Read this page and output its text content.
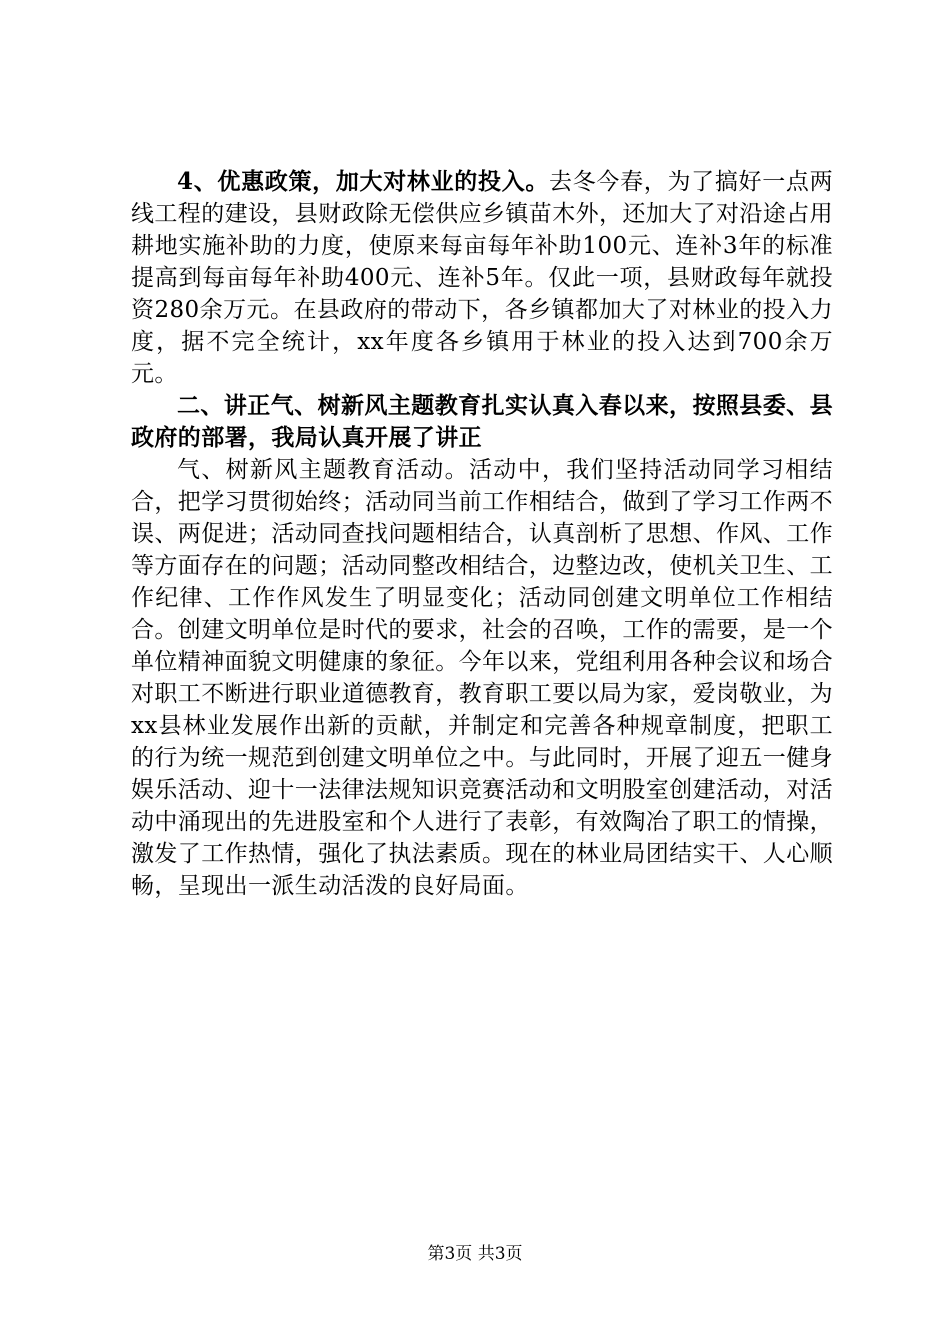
4、优惠政策，加大对林业的投入。去冬今春，为了搞好一点两线工程的建设，县财政除无偿供应乡镇苗木外，还加大了对沿途占用耕地实施补助的力度，使原来每亩每年补助100元、连补3年的标准提高到每亩每年补助400元、连补5年。仅此一项，县财政每年就投资280余万元。在县政府的带动下，各乡镇都加大了对林业的投入力度，据不完全统计，xx年度各乡镇用于林业的投入达到700余万元。

二、讲正气、树新风主题教育扎实认真入春以来，按照县委、县政府的部署，我局认真开展了讲正

气、树新风主题教育活动。活动中，我们坚持活动同学习相结合，把学习贯彻始终；活动同当前工作相结合，做到了学习工作两不误、两促进；活动同查找问题相结合，认真剖析了思想、作风、工作等方面存在的问题；活动同整改相结合，边整边改，使机关卫生、工作纪律、工作作风发生了明显变化；活动同创建文明单位工作相结合。创建文明单位是时代的要求，社会的召唤，工作的需要，是一个单位精神面貌文明健康的象征。今年以来，党组利用各种会议和场合对职工不断进行职业道德教育，教育职工要以局为家，爱岗敬业，为xx县林业发展作出新的贡献，并制定和完善各种规章制度，把职工的行为统一规范到创建文明单位之中。与此同时，开展了迎五一健身娱乐活动、迎十一法律法规知识竞赛活动和文明股室创建活动，对活动中涌现出的先进股室和个人进行了表彰，有效陶冶了职工的情操，激发了工作热情，强化了执法素质。现在的林业局团结实干、人心顺畅，呈现出一派生动活泼的良好局面。

第3页 共3页
